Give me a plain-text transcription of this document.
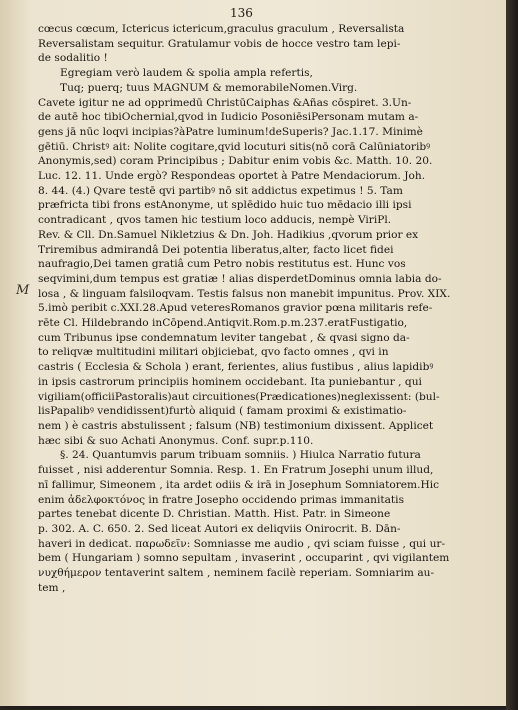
136
M
cœcus cœcum, Ictericus ictericum,graculus graculum , Reversalista
Reversalistam sequitur. Gratulamur vobis de hocce vestro tam lepi-
de sodalitio !
Egregiam verò laudem & spolia ampla refertis,
Tuq; puerq; tuus MAGNUM & memorabileNomen.Virg.
Cavete igitur ne ad opprimedū ChristūCaiphas &Añas cōspiret. 3.Un-
de autē hoc tibiOchernial,qvod in Iudicio PosoniēsiPersonam mutam a-
gens jā nūc loqvi incipias?àPatre luminum!deSuperis? Jac.1.17. Minimè
gētiū. Christꝰ ait: Nolite cogitare,qvid locuturi sitis(nō corā Calūniatoribꝰ
Anonymis,sed) coram Principibus ; Dabitur enim vobis &c. Matth. 10. 20.
Luc. 12. 11. Unde ergò? Respondeas oportet à Patre Mendaciorum. Joh.
8. 44. (4.) Qvare testē qvi partibꝰ nō sit addictus expetimus ! 5. Tam
præfricta tibi frons estAnonyme, ut splēdido huic tuo mēdacio illi ipsi
contradicant , qvos tamen hic testium loco adducis, nempè ViriPl.
Rev. & Cll. Dn.Samuel Nikletzius & Dn. Joh. Hadikius ,qvorum prior ex
Triremibus admirandâ Dei potentia liberatus,alter, facto licet fidei
naufragio,Dei tamen gratiâ cum Petro nobis restitutus est. Hunc vos
seqvimini,dum tempus est gratiæ ! alias disperdetDominus omnia labia do-
losa , & linguam falsiloqvam. Testis falsus non manebit impunitus. Prov. XIX.
5.imò peribit c.XXI.28.Apud veteresRomanos gravior pœna militaris refe-
rēte Cl. Hildebrando inCōpend.Antiqvit.Rom.p.m.237.eratFustigatio,
cum Tribunus ipse condemnatum leviter tangebat , & qvasi signo da-
to reliqvæ multitudini militari objiciebat, qvo facto omnes , qvi in
castris ( Ecclesia & Schola ) erant, ferientes, alius fustibus , alius lapidibꝰ
in ipsis castrorum principiis hominem occidebant. Ita puniebantur , qui
vigiliam(officiiPastoralis)aut circuitiones(Prædicationes)neglexissent: (bul-
lisPapalibꝰ vendidissent)furtò aliquid ( famam proximi & existimatio-
nem ) è castris abstulissent ; falsum (NB) testimonium dixissent. Applicet
hæc sibi & suo Achati Anonymus. Conf. supr.p.110.
§. 24. Quantumvis parum tribuam somniis. ) Hiulca Narratio futura
fuisset , nisi adderentur Somnia. Resp. 1. En Fratrum Josephi unum illud,
nī fallimur, Simeonem , ita ardet odiis & irā in Josephum Somniatorem.Hic
enim ἀδελφοκτόνος in fratre Josepho occidendo primas immanitatis
partes tenebat dicente D. Christian. Matth. Hist. Patr. in Simeone
p. 302. A. C. 650. 2. Sed liceat Autori ex deliqviis Onirocrit. B. Dān-
haveri in dedicat. παρωδεῖν: Somniasse me audio , qvi sciam fuisse , qui ur-
bem ( Hungariam ) somno sepultam , invaserint , occuparint , qvi vigilantem
νυχθήμερον tentaverint saltem , neminem facilè reperiam. Somniarim au-
tem ,
